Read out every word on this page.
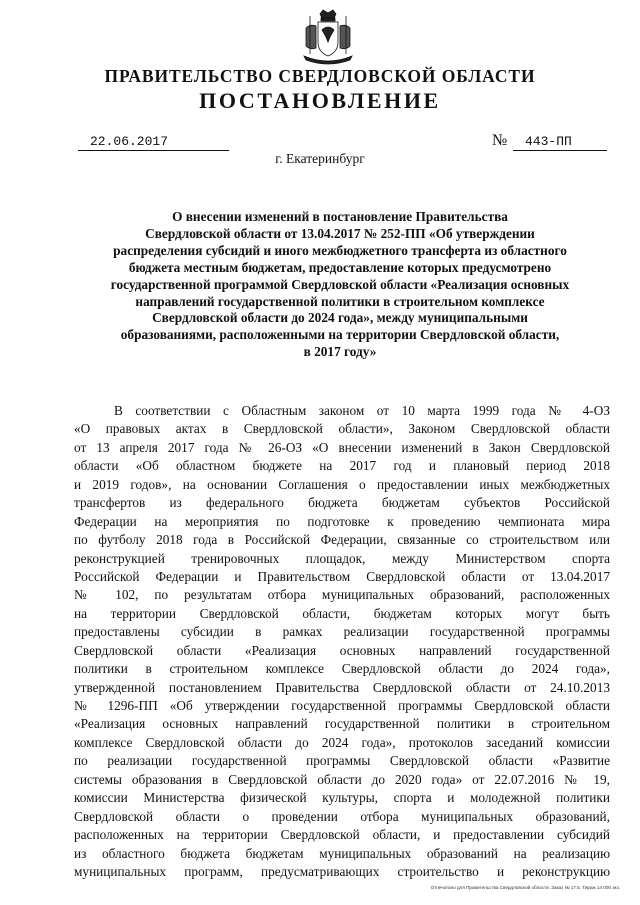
ПРАВИТЕЛЬСТВО СВЕРДЛОВСКОЙ ОБЛАСТИ
ПОСТАНОВЛЕНИЕ
22.06.2017	№	443-ПП
г. Екатеринбург
О внесении изменений в постановление Правительства
Свердловской области от 13.04.2017 № 252-ПП «Об утверждении
распределения субсидий и иного межбюджетного трансферта из областного
бюджета местным бюджетам, предоставление которых предусмотрено
государственной программой Свердловской области «Реализация основных
направлений государственной политики в строительном комплексе
Свердловской области до 2024 года», между муниципальными
образованиями, расположенными на территории Свердловской области,
в 2017 году»
В соответствии с Областным законом от 10 марта 1999 года № 4-ОЗ
«О правовых актах в Свердловской области», Законом Свердловской области
от 13 апреля 2017 года № 26-ОЗ «О внесении изменений в Закон Свердловской
области «Об областном бюджете на 2017 год и плановый период 2018
и 2019 годов», на основании Соглашения о предоставлении иных межбюджетных
трансфертов из федерального бюджета бюджетам субъектов Российской
Федерации на мероприятия по подготовке к проведению чемпионата мира
по футболу 2018 года в Российской Федерации, связанные со строительством или
реконструкцией тренировочных площадок, между Министерством спорта
Российской Федерации и Правительством Свердловской области от 13.04.2017
№ 102, по результатам отбора муниципальных образований, расположенных
на территории Свердловской области, бюджетам которых могут быть
предоставлены субсидии в рамках реализации государственной программы
Свердловской области «Реализация основных направлений государственной
политики в строительном комплексе Свердловской области до 2024 года»,
утвержденной постановлением Правительства Свердловской области от 24.10.2013
№ 1296-ПП «Об утверждении государственной программы Свердловской области
«Реализация основных направлений государственной политики в строительном
комплексе Свердловской области до 2024 года», протоколов заседаний комиссии
по реализации государственной программы Свердловской области «Развитие
системы образования в Свердловской области до 2020 года» от 22.07.2016 № 19,
комиссии Министерства физической культуры, спорта и молодежной политики
Свердловской области о проведении отбора муниципальных образований,
расположенных на территории Свердловской области, и предоставлении субсидий
из областного бюджета бюджетам муниципальных образований на реализацию
муниципальных программ, предусматривающих строительство и реконструкцию
Отпечатано для Правительства Свердловской области. Заказ № 17.5. Тираж 14 000 экз.
